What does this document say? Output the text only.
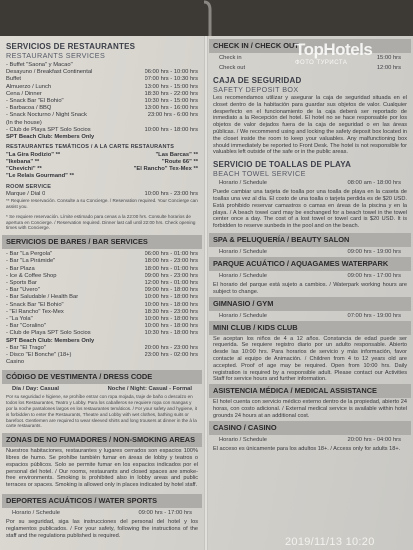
SERVICIOS DE RESTAURANTES
RESTAURANTS SERVICES
- Buffet "Saona" y Macao"
Desayuno / Breakfast Continental	06:00 hrs - 10:00 hrs
Buffet	07:00 hrs - 10:30 hrs
Almuerzo / Lunch	13:00 hrs - 15:00 hrs
Cena / Dinner	18:30 hrs - 22:00 hrs
- Snack Bar "El Bohio"	10:30 hrs - 15:00 hrs
- Barbacoa / BBQ	13:00 hrs - 16:00 hrs
- Snack Nocturno / Night Snack	23:00 hrs - 6:00 hrs
(In the house)
- Club de Playa SPT Solo Socios	10:00 hrs - 18:00 hrs
SPT Beach Club: Members Only
RESTAURANTES TEMÁTICOS / A LA CARTE RESTAURANTS
"La Gira Rodizio" **	"Las Barcas" **
"Ikebana" **	"Route 66" **
"Chevichi" **	"El Rancho" Tex-Mex **
"Le Relais Gourmand" **
ROOM SERVICE
Marque / Dial 0	10:00 hrs - 23:00 hrs
** Requiere reservación. Consulte a su Concierge. / Reservation required. Your Concierge can assist you.
* Se requiere reservación. Límite estimado para cenas a la 22:00 hrs. Consulte horarios de apertura en Concierge. / Reservation required. Dinner last call until 22:00 hrs. Check opening times with Concierge.
SERVICIOS DE BARES / BAR SERVICES
- Bar "La Pergola"	06:00 hrs - 01:00 hrs
- Bar "La Pirámide"	18:00 hrs - 23:00 hrs
- Bar Plaza	18:00 hrs - 01:00 hrs
- Ice & Coffee Shop	09:00 hrs - 23:00 hrs
- Sports Bar	12:00 hrs - 01:00 hrs
- Bar "Uvero"	09:00 hrs - 18:00 hrs
- Bar Saludable / Health Bar	10:00 hrs - 18:00 hrs
- Snack Bar "El Bohio"	10:00 hrs - 18:00 hrs
- "El Rancho" Tex-Mex	18:30 hrs - 23:00 hrs
- "La Yola"	10:00 hrs - 18:00 hrs
- Bar "Coralino"	10:00 hrs - 18:00 hrs
- Club de Playa SPT Solo Socios	10:30 hrs - 18:00 hrs
SPT Beach Club: Members Only
- Bar "El Trago"	20:00 hrs - 23:00 hrs
- Disco "El Bonche" (18+)	23:00 hrs - 02:00 hrs
Casino
CÓDIGO DE VESTIMENTA / DRESS CODE
Día / Day: Casual	Noche / Night: Casual - Formal
Por su seguridad e higiene, se prohíbe entrar con ropa mojada, traje de baño o descalzo en todos los Restaurantes, Teatro y Lobby. Para los caballeros se requiere ropa con mangas y por la noche pantalones largos en los restaurantes temáticos. / For your safety and hygiene, it is forbidden to enter the Restaurants, Theatre and Lobby with wet clothes, bathing suits or barefoot. Gentlemen are required to wear sleeved shirts and long trousers at dinner in the à la carte restaurants.
ZONAS DE NO FUMADORES / NON-SMOKING AREAS
Nuestros habitaciones, restaurantes y lugares cerrados son espacios 100% libres de humo. Se prohíbe también fumar en áreas de lobby y teatros o espacios públicos. Solo se permite fumar en los espacios indicados por el personal del hotel. / Our rooms, restaurants and closed spaces are smoke-free environments. Smoking is prohibited also in lobby areas and public terraces or spaces. Smoking is allowed only in places indicated by hotel staff.
DEPORTES ACUÁTICOS / WATER SPORTS
Horario / Schedule	09:00 hrs - 17:00 hrs
Por su seguridad, siga las instrucciones del personal del hotel y los reglamentos publicados. / For your safety, following the instructions of the staff and the regulations published is required.
CHECK IN / CHECK OUT
Check in	15:00 hrs
Check out	12:00 hrs
CAJA DE SEGURIDAD
SAFETY DEPOSIT BOX
Les recomendamos utilizar y asegurar la caja de seguridad situada en el closet dentro de la habitación para guardar sus objetos de valor. Cualquier desperfecto en el funcionamiento de la caja deberá ser reportado de inmediato a la Recepción del hotel. El hotel no se hace responsable por los objetos de valor dejados fuera de la caja de seguridad o en las áreas públicas. / We recommend using and locking the safety deposit box located in the closet inside the room to keep your valuables. Any malfunctioning box should immediately be reported to Front Desk. The hotel is not responsible for valuables left outside of the safe or in the public areas.
SERVICIO DE TOALLAS DE PLAYA
BEACH TOWEL SERVICE
Horario / Schedule	08:00 am - 18:00 hrs
Puede cambiar una tarjeta de toalla por una toalla de playa en la caseta de toallas una vez al día. El costo de una toalla o tarjeta perdida es de $20 USD. Está prohibido reservar camastros o camas en áreas de la piscina y en la playa. / A beach towel card may be exchanged for a beach towel in the towel center once a day. The cost of a lost towel or towel card is $20 USD. It is forbidden to reserve sunbeds in the pool and on the beach.
SPA & PELUQUERÍA / BEAUTY SALON
Horario / Schedule	09:00 hrs - 19:00 hrs
PARQUE ACUÁTICO / AQUAGAMES WATERPARK
Horario / Schedule	09:00 hrs - 17:00 hrs
El horario del parque está sujeto a cambios. / Waterpark working hours are subject to change.
GIMNASIO / GYM
Horario / Schedule	07:00 hrs - 19:00 hrs
MINI CLUB / KIDS CLUB
Se aceptan los niños de 4 a 12 años. Constancia de edad puede ser requerida. Se requiere registro diario por un adulto responsable. Abierto desde las 10:00 hrs. Para horarios de servicio y más información, favor contacte al equipo de Animación. / Children from 4 to 12 years old are accepted. Proof of age may be required. Open from 10:00 hrs. Daily registration is required by a responsible adult. Please contact our Activities Staff for service hours and further information.
ASISTENCIA MÉDICA / MEDICAL ASSISTANCE
El hotel cuenta con servicio médico externo dentro de la propiedad, abierto 24 horas, con costo adicional. / External medical service is available within hotel grounds 24 hours at an additional cost.
CASINO / CASINO
Horario / Schedule	20:00 hrs - 04:00 hrs
El acceso es únicamente para los adultos 18+. / Access only for adults 18+.
TopHotels
ФОТО ТУРИСТА
2019/11/13 10:20
